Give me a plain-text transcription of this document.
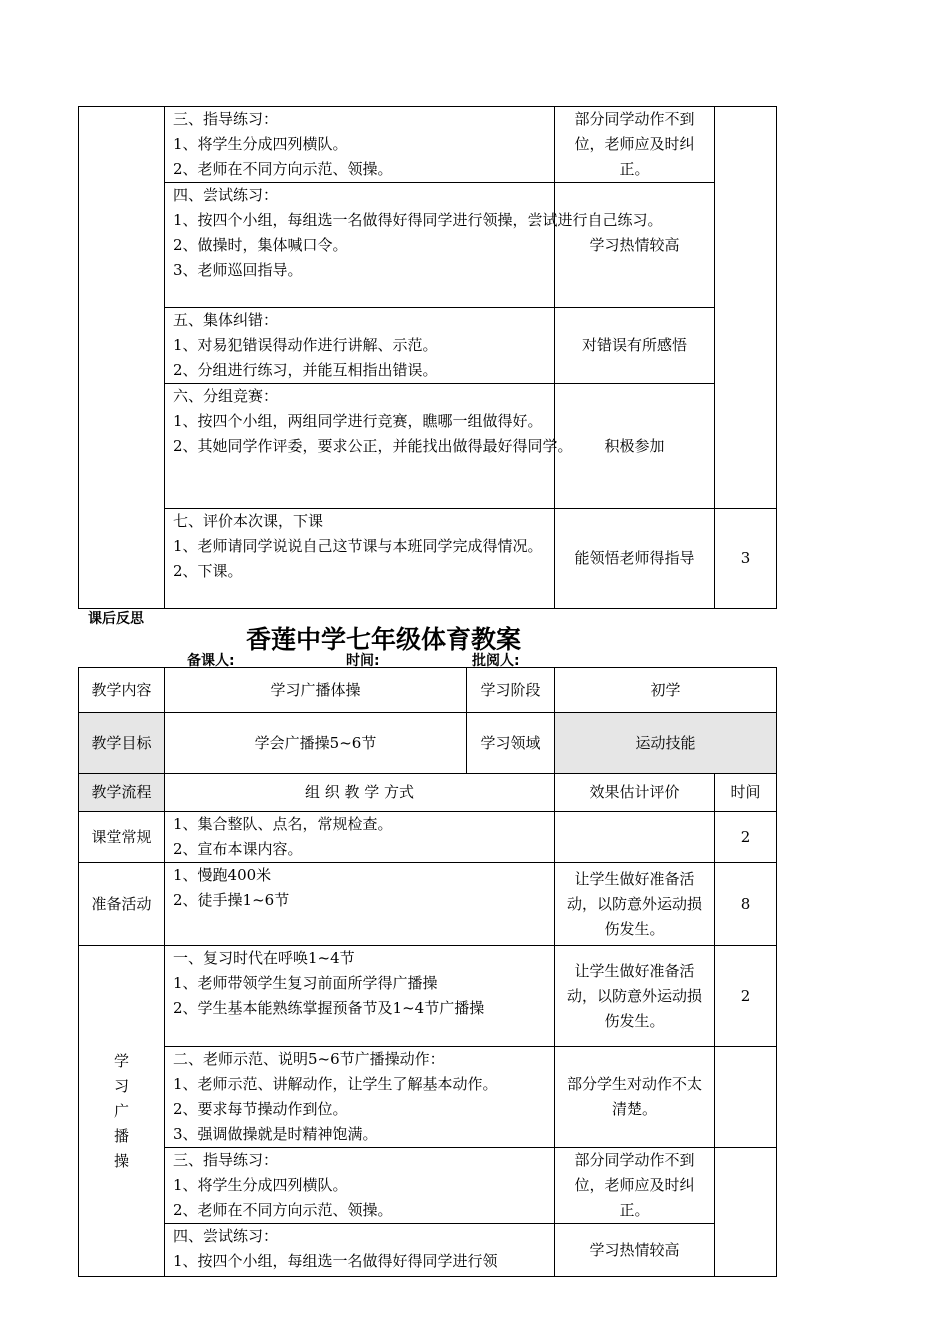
	三、指导练习：
1、将学生分成四列横队。
2、老师在不同方向示范、领操。	部分同学动作不到位，老师应及时纠正。	

	四、尝试练习：
1、按四个小组，每组选一名做得好得同学进行领操，尝试进行自己练习。
2、做操时，集体喊口令。
3、老师巡回指导。	学习热情较高	

	五、集体纠错：
1、对易犯错误得动作进行讲解、示范。
2、分组进行练习，并能互相指出错误。	对错误有所感悟	

	六、分组竞赛：
1、按四个小组，两组同学进行竞赛，瞧哪一组做得好。
2、其她同学作评委，要求公正，并能找出做得最好得同学。	积极参加	

	七、评价本次课，下课
1、老师请同学说说自己这节课与本班同学完成得情况。
2、下课。	能领悟老师得指导	3
课后反思
香莲中学七年级体育教案
备课人:	时间:	批阅人:
教学内容	学习广播体操	学习阶段	初学	
教学目标	学会广播操5~6节	学习领域	运动技能	
教学流程	组 织 教 学 方式		效果估计评价	时间
课堂常规	1、集合整队、点名，常规检查。
2、宣布本课内容。			2
准备活动	1、慢跑400米
2、徒手操1~6节		让学生做好准备活动，以防意外运动损伤发生。	8
学习广播操	一、复习时代在呼唤1~4节
1、老师带领学生复习前面所学得广播操
2、学生基本能熟练掌握预备节及1~4节广播操		让学生做好准备活动，以防意外运动损伤发生。	2

	二、老师示范、说明5~6节广播操动作：
1、老师示范、讲解动作，让学生了解基本动作。
2、要求每节操动作到位。
3、强调做操就是时精神饱满。		部分学生对动作不太清楚。	

	三、指导练习：
1、将学生分成四列横队。
2、老师在不同方向示范、领操。		部分同学动作不到位，老师应及时纠正。	

	四、尝试练习：
1、按四个小组，每组选一名做得好得同学进行领		学习热情较高	
